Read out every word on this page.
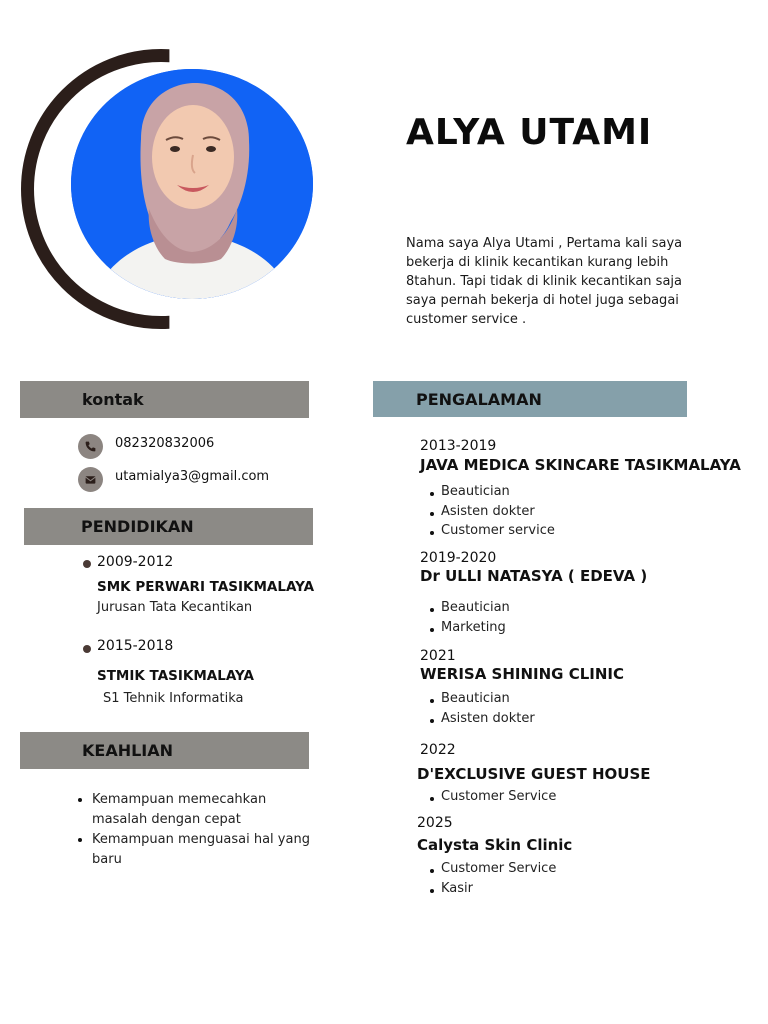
ALYA UTAMI
Nama saya Alya Utami , Pertama kali saya bekerja di klinik kecantikan kurang lebih 8tahun. Tapi tidak di klinik kecantikan saja saya pernah bekerja di hotel juga sebagai customer service .
kontak
082320832006
utamialya3@gmail.com
PENDIDIKAN
2009-2012
SMK PERWARI TASIKMALAYA
Jurusan Tata Kecantikan
2015-2018
STMIK TASIKMALAYA
S1 Tehnik Informatika
KEAHLIAN
Kemampuan memecahkan masalah dengan cepat
Kemampuan menguasai hal yang baru
PENGALAMAN
2013-2019
JAVA MEDICA SKINCARE TASIKMALAYA
Beautician
Asisten dokter
Customer service
2019-2020
Dr ULLI NATASYA ( EDEVA )
Beautician
Marketing
2021
WERISA SHINING CLINIC
Beautician
Asisten dokter
2022
D'EXCLUSIVE GUEST HOUSE
Customer Service
2025
Calysta Skin Clinic
Customer Service
Kasir
